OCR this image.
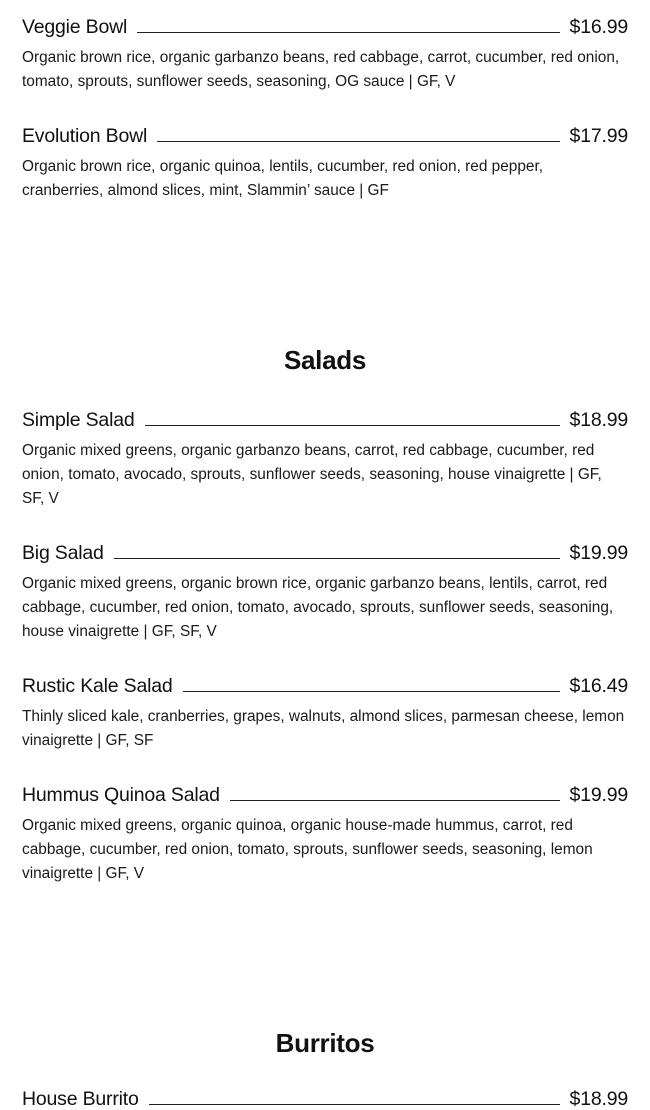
Veggie Bowl	$16.99
Organic brown rice, organic garbanzo beans, red cabbage, carrot, cucumber, red onion, tomato, sprouts, sunflower seeds, seasoning, OG sauce | GF, V
Evolution Bowl	$17.99
Organic brown rice, organic quinoa, lentils, cucumber, red onion, red pepper, cranberries, almond slices, mint, Slammin’ sauce | GF
Salads
Simple Salad	$18.99
Organic mixed greens, organic garbanzo beans, carrot, red cabbage, cucumber, red onion, tomato, avocado, sprouts, sunflower seeds, seasoning, house vinaigrette | GF, SF, V
Big Salad	$19.99
Organic mixed greens, organic brown rice, organic garbanzo beans, lentils, carrot, red cabbage, cucumber, red onion, tomato, avocado, sprouts, sunflower seeds, seasoning, house vinaigrette | GF, SF, V
Rustic Kale Salad	$16.49
Thinly sliced kale, cranberries, grapes, walnuts, almond slices, parmesan cheese, lemon vinaigrette | GF, SF
Hummus Quinoa Salad	$19.99
Organic mixed greens, organic quinoa, organic house-made hummus, carrot, red cabbage, cucumber, red onion, tomato, sprouts, sunflower seeds, seasoning, lemon vinaigrette | GF, V
Burritos
House Burrito	$18.99
